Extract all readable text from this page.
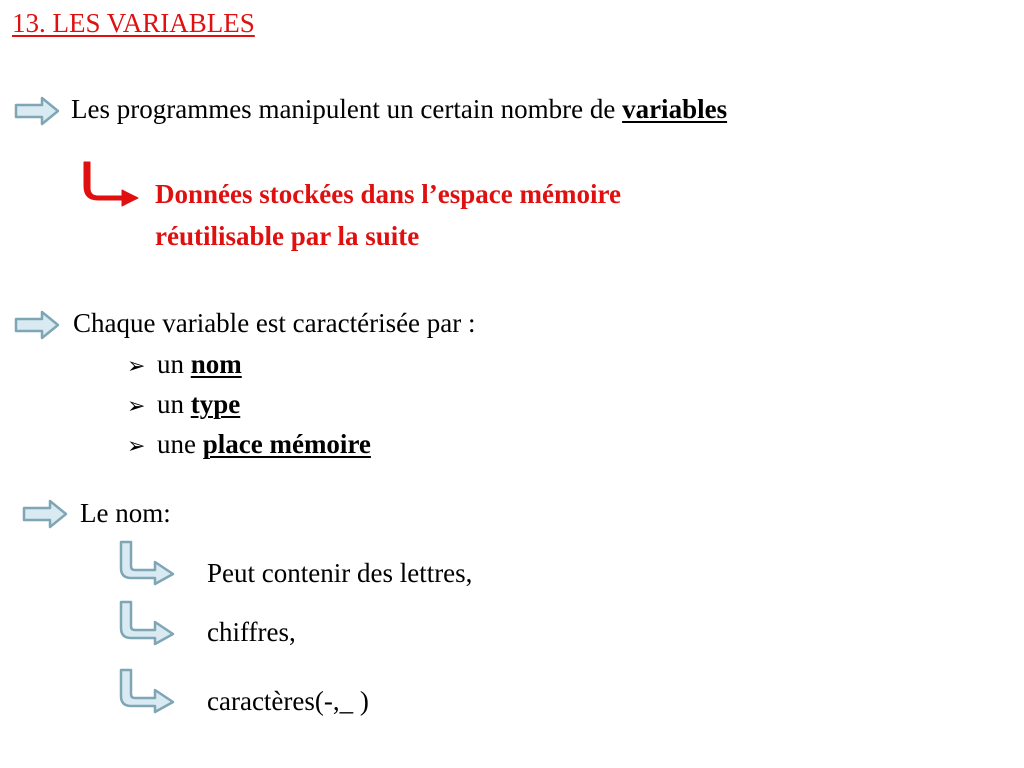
13. LES VARIABLES
Les programmes manipulent un certain nombre de variables
Données stockées dans l’espace mémoire
réutilisable par la suite
Chaque variable est caractérisée par :
➢ un nom
➢ un type
➢ une place mémoire
Le nom:
Peut contenir des lettres,
chiffres,
caractères(-,_ )
